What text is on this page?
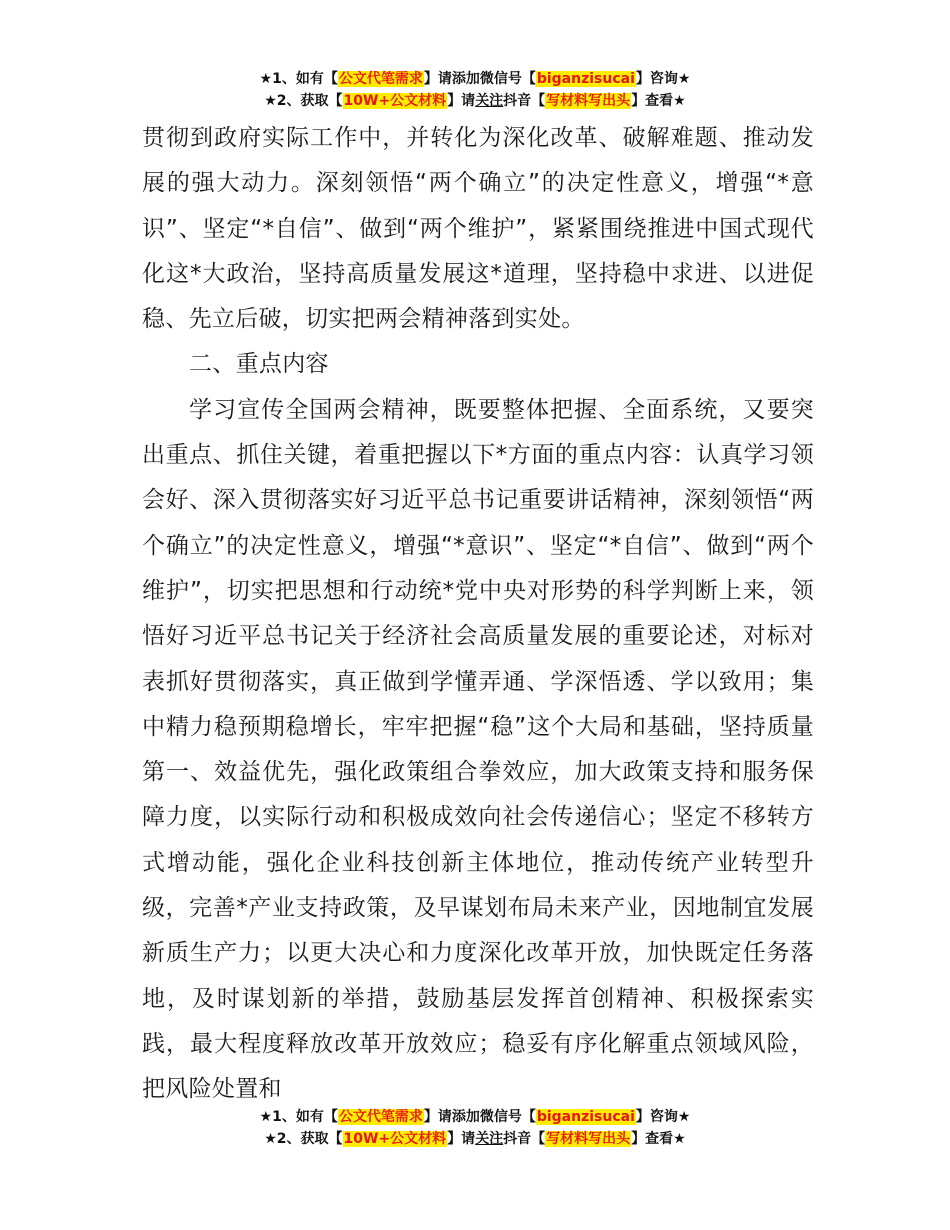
★1、如有【公文代笔需求】请添加微信号【biganzisucai】咨询★
★2、获取【10W+公文材料】请关注抖音【写材料写出头】查看★

贯彻到政府实际工作中，并转化为深化改革、破解难题、推动发展的强大动力。深刻领悟“两个确立”的决定性意义，增强“*意识”、坚定“*自信”、做到“两个维护”，紧紧围绕推进中国式现代化这*大政治，坚持高质量发展这*道理，坚持稳中求进、以进促稳、先立后破，切实把两会精神落到实处。

二、重点内容

学习宣传全国两会精神，既要整体把握、全面系统，又要突出重点、抓住关键，着重把握以下*方面的重点内容：认真学习领会好、深入贯彻落实好习近平总书记重要讲话精神，深刻领悟“两个确立”的决定性意义，增强“*意识”、坚定“*自信”、做到“两个维护”，切实把思想和行动统*党中央对形势的科学判断上来，领悟好习近平总书记关于经济社会高质量发展的重要论述，对标对表抓好贯彻落实，真正做到学懂弄通、学深悟透、学以致用；集中精力稳预期稳增长，牢牢把握“稳”这个大局和基础，坚持质量第一、效益优先，强化政策组合拳效应，加大政策支持和服务保障力度，以实际行动和积极成效向社会传递信心；坚定不移转方式增动能，强化企业科技创新主体地位，推动传统产业转型升级，完善*产业支持政策，及早谋划布局未来产业，因地制宜发展新质生产力；以更大决心和力度深化改革开放，加快既定任务落地，及时谋划新的举措，鼓励基层发挥首创精神、积极探索实践，最大程度释放改革开放效应；稳妥有序化解重点领域风险，把风险处置和

★1、如有【公文代笔需求】请添加微信号【biganzisucai】咨询★
★2、获取【10W+公文材料】请关注抖音【写材料写出头】查看★
